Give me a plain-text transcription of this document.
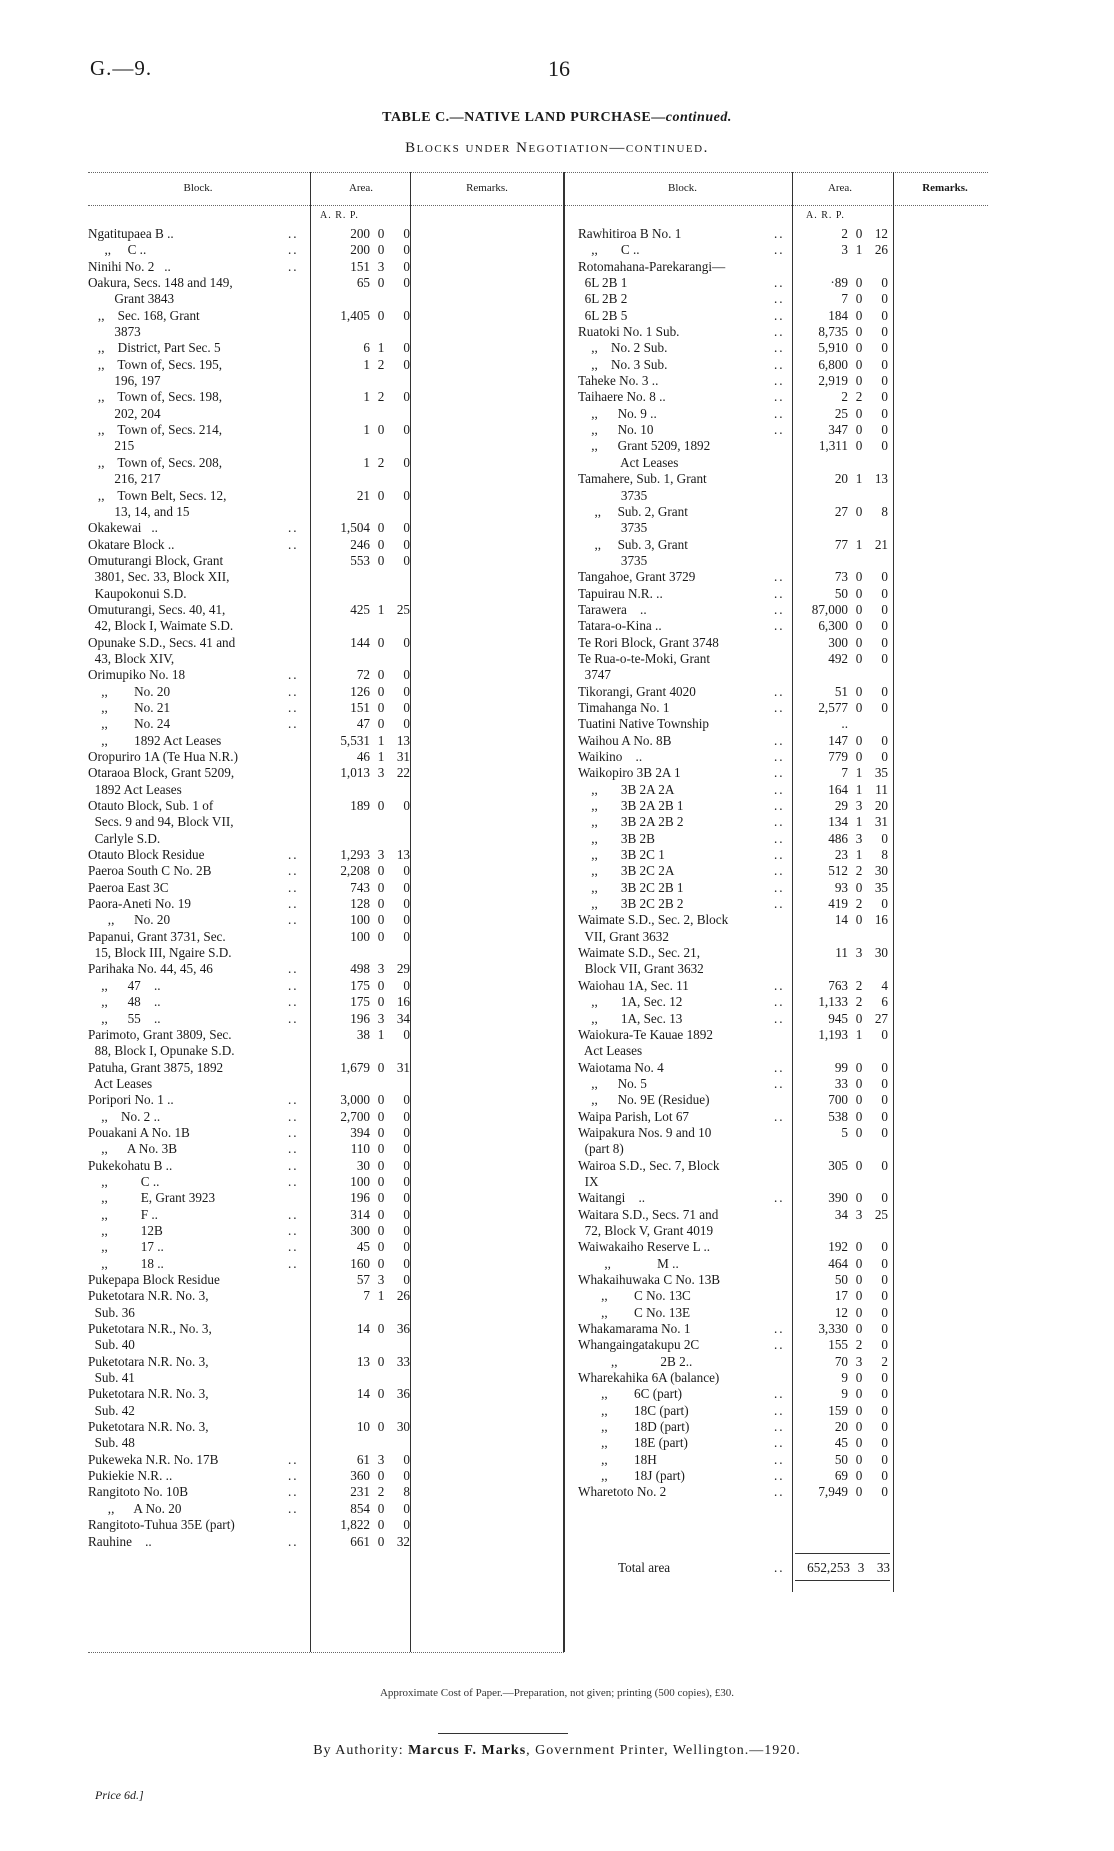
G.—9.	16
TABLE C.—NATIVE LAND PURCHASE—continued.
Blocks under Negotiation—continued.
Block.	Area.	Remarks.	Block.	Area.	Remarks.
A. R. P.	A. R. P.
Ngatitupaea B ..	..	200 0	0
,,     C ..	..	200 0	0
Ninihi No. 2   ..	..	151 3	0
Oakura, Secs. 148 and 149,	65 0	0
Grant 3843
,,    Sec. 168, Grant	1,405 0	0
3873
,,    District, Part Sec. 5	6 1	0
,,    Town of, Secs. 195,	1 2	0
196, 197
,,    Town of, Secs. 198,	1 2	0
202, 204
,,    Town of, Secs. 214,	1 0	0
215
,,    Town of, Secs. 208,	1 2	0
216, 217
,,    Town Belt, Secs. 12,	21 0	0
13, 14, and 15
Okakewai   ..	..	1,504 0	0
Okatare Block ..	..	246 0	0
Omuturangi Block, Grant	553 0	0
3801, Sec. 33, Block XII,
Kaupokonui S.D.
Omuturangi, Secs. 40, 41,	425 1 25
42, Block I, Waimate S.D.
Opunake S.D., Secs. 41 and	144 0	0
43, Block XIV,
Orimupiko No. 18	..	72 0	0
,,        No. 20	..	126 0	0
,,        No. 21	..	151 0	0
,,        No. 24	..	47 0	0
,,        1892 Act Leases	5,531 1 13
Oropuriro 1A (Te Hua N.R.)	46 1 31
Otaraoa Block, Grant 5209,	1,013 3 22
1892 Act Leases
Otauto Block, Sub. 1 of	189 0	0
Secs. 9 and 94, Block VII,
Carlyle S.D.
Otauto Block Residue	..	1,293 3 13
Paeroa South C No. 2B	..	2,208 0	0
Paeroa East 3C	..	743 0	0
Paora-Aneti No. 19	..	128 0	0
,,      No. 20	..	100 0	0
Papanui, Grant 3731, Sec.	100 0	0
15, Block III, Ngaire S.D.
Parihaka No. 44, 45, 46	..	498 3 29
,,      47    ..	..	175 0	0
,,      48    ..	..	175 0 16
,,      55    ..	..	196 3 34
Parimoto, Grant 3809, Sec.	38 1	0
88, Block I, Opunake S.D.
Patuha, Grant 3875, 1892	1,679 0 31
Act Leases
Poripori No. 1 ..	..	3,000 0	0
,,    No. 2 ..	..	2,700 0	0
Pouakani A No. 1B	..	394 0	0
,,      A No. 3B	..	110 0	0
Pukekohatu B ..	..	30 0	0
,,          C ..	..	100 0	0
,,          E, Grant 3923	196 0	0
,,          F ..	..	314 0	0
,,          12B	..	300 0	0
,,          17 ..	..	45 0	0
,,          18 ..	..	160 0	0
Pukepapa Block Residue	57 3	0
Puketotara N.R. No. 3,	7 1 26
Sub. 36
Puketotara N.R., No. 3,	14 0 36
Sub. 40
Puketotara N.R. No. 3,	13 0 33
Sub. 41
Puketotara N.R. No. 3,	14 0 36
Sub. 42
Puketotara N.R. No. 3,	10 0 30
Sub. 48
Pukeweka N.R. No. 17B	..	61 3	0
Pukiekie N.R. ..	..	360 0	0
Rangitoto No. 10B	..	231 2	8
,,      A No. 20	..	854 0	0
Rangitoto-Tuhua 35E (part)	1,822 0	0
Rauhine    ..	..	661 0 32
Rawhitiroa B No. 1	..	2 0 12
,,       C ..	..	3 1 26
Rotomahana-Parekarangi—
6L 2B 1	..	·89 0	0
6L 2B 2	..	7 0	0
6L 2B 5	..	184 0	0
Ruatoki No. 1 Sub.	..	8,735 0	0
,,    No. 2 Sub.	..	5,910 0	0
,,    No. 3 Sub.	..	6,800 0	0
Taheke No. 3 ..	..	2,919 0	0
Taihaere No. 8 ..	..	2 2	0
,,      No. 9 ..	..	25 0	0
,,      No. 10	..	347 0	0
,,      Grant 5209, 1892	1,311 0	0
Act Leases
Tamahere, Sub. 1, Grant	20 1 13
3735
,,     Sub. 2, Grant	27 0	8
3735
,,     Sub. 3, Grant	77 1 21
3735
Tangahoe, Grant 3729	..	73 0	0
Tapuirau N.R. ..	..	50 0	0
Tarawera    ..	..	87,000 0	0
Tatara-o-Kina ..	..	6,300 0	0
Te Rori Block, Grant 3748	300 0	0
Te Rua-o-te-Moki, Grant	492 0	0
3747
Tikorangi, Grant 4020	..	51 0	0
Timahanga No. 1	..	2,577 0	0
Tuatini Native Township	..
Waihou A No. 8B	..	147 0	0
Waikino    ..	..	779 0	0
Waikopiro 3B 2A 1	..	7 1 35
,,       3B 2A 2A	..	164 1 11
,,       3B 2A 2B 1	..	29 3 20
,,       3B 2A 2B 2	..	134 1 31
,,       3B 2B	..	486 3	0
,,       3B 2C 1	..	23 1	8
,,       3B 2C 2A	..	512 2 30
,,       3B 2C 2B 1	..	93 0 35
,,       3B 2C 2B 2	..	419 2	0
Waimate S.D., Sec. 2, Block	14 0 16
VII, Grant 3632
Waimate S.D., Sec. 21,	11 3 30
Block VII, Grant 3632
Waiohau 1A, Sec. 11	..	763 2	4
,,       1A, Sec. 12	..	1,133 2	6
,,       1A, Sec. 13	..	945 0 27
Waiokura-Te Kauae 1892	1,193 1	0
Act Leases
Waiotama No. 4	..	99 0	0
,,      No. 5	..	33 0	0
,,      No. 9E (Residue)	700 0	0
Waipa Parish, Lot 67	..	538 0	0
Waipakura Nos. 9 and 10	5 0	0
(part 8)
Wairoa S.D., Sec. 7, Block	305 0	0
IX
Waitangi    ..	..	390 0	0
Waitara S.D., Secs. 71 and	34 3 25
72, Block V, Grant 4019
Waiwakaiho Reserve L ..	192 0	0
,,              M ..	464 0	0
Whakaihuwaka C No. 13B	50 0	0
,,        C No. 13C	17 0	0
,,        C No. 13E	12 0	0
Whakamarama No. 1	..	3,330 0	0
Whangaingatakupu 2C	..	155 2	0
,,             2B 2..	70 3	2
Wharekahika 6A (balance)	9 0	0
,,        6C (part)	..	9 0	0
,,        18C (part)	..	159 0	0
,,        18D (part)	..	20 0	0
,,        18E (part)	..	45 0	0
,,        18H	..	50 0	0
,,        18J (part)	..	69 0	0
Wharetoto No. 2	..	7,949 0	0
Total area	..	652,253 3 33
Approximate Cost of Paper.—Preparation, not given; printing (500 copies), £30.
By Authority: Marcus F. Marks, Government Printer, Wellington.—1920.
Price 6d.]
